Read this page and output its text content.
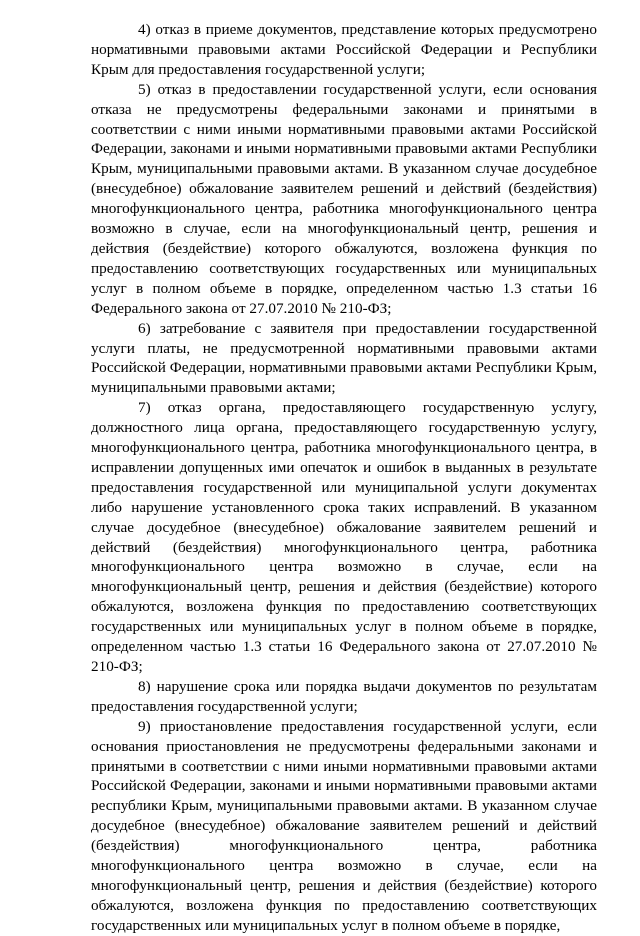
4) отказ в приеме документов, представление которых предусмотрено нормативными правовыми актами Российской Федерации и Республики Крым для предоставления государственной услуги;

5) отказ в предоставлении государственной услуги, если основания отказа не предусмотрены федеральными законами и принятыми в соответствии с ними иными нормативными правовыми актами Российской Федерации, законами и иными нормативными правовыми актами Республики Крым, муниципальными правовыми актами. В указанном случае досудебное (внесудебное) обжалование заявителем решений и действий (бездействия) многофункционального центра, работника многофункционального центра возможно в случае, если на многофункциональный центр, решения и действия (бездействие) которого обжалуются, возложена функция по предоставлению соответствующих государственных или муниципальных услуг в полном объеме в порядке, определенном частью 1.3 статьи 16 Федерального закона от 27.07.2010 № 210-ФЗ;

6) затребование с заявителя при предоставлении государственной услуги платы, не предусмотренной нормативными правовыми актами Российской Федерации, нормативными правовыми актами Республики Крым, муниципальными правовыми актами;

7) отказ органа, предоставляющего государственную услугу, должностного лица органа, предоставляющего государственную услугу, многофункционального центра, работника многофункционального центра, в исправлении допущенных ими опечаток и ошибок в выданных в результате предоставления государственной или муниципальной услуги документах либо нарушение установленного срока таких исправлений. В указанном случае досудебное (внесудебное) обжалование заявителем решений и действий (бездействия) многофункционального центра, работника многофункционального центра возможно в случае, если на многофункциональный центр, решения и действия (бездействие) которого обжалуются, возложена функция по предоставлению соответствующих государственных или муниципальных услуг в полном объеме в порядке, определенном частью 1.3 статьи 16 Федерального закона от 27.07.2010 № 210-ФЗ;

8) нарушение срока или порядка выдачи документов по результатам предоставления государственной услуги;

9) приостановление предоставления государственной услуги, если основания приостановления не предусмотрены федеральными законами и принятыми в соответствии с ними иными нормативными правовыми актами Российской Федерации, законами и иными нормативными правовыми актами республики Крым, муниципальными правовыми актами. В указанном случае досудебное (внесудебное) обжалование заявителем решений и действий (бездействия) многофункционального центра, работника многофункционального центра возможно в случае, если на многофункциональный центр, решения и действия (бездействие) которого обжалуются, возложена функция по предоставлению соответствующих государственных или муниципальных услуг в полном объеме в порядке,
